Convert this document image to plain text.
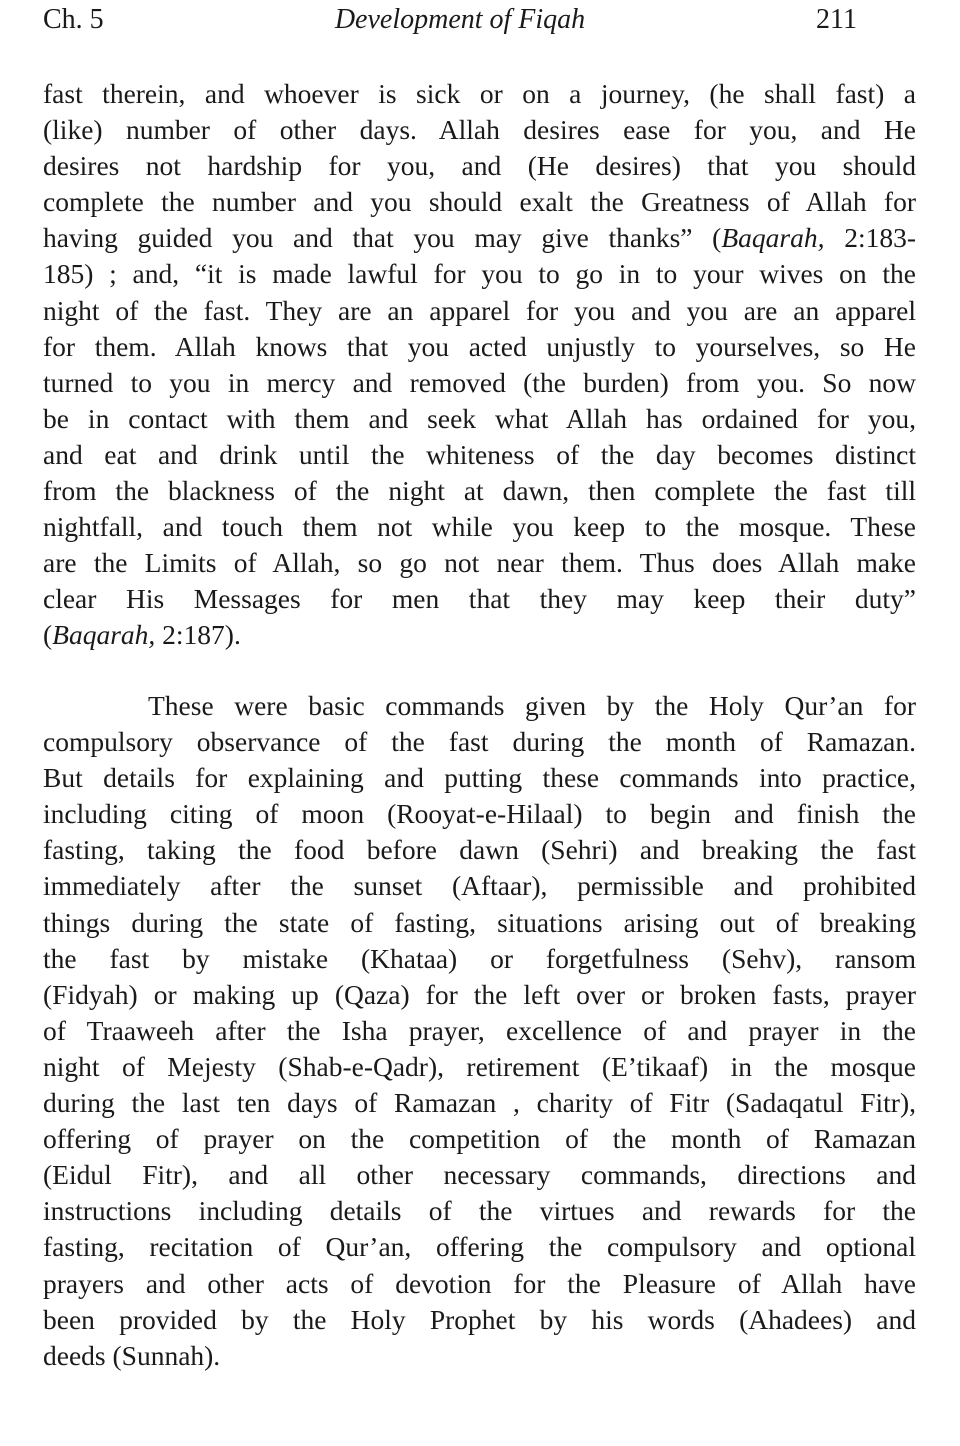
Ch. 5	Development of Fiqah	211
fast therein, and whoever is sick or on a journey, (he shall fast) a
(like) number of other days. Allah desires ease for you, and He
desires not hardship for you, and (He desires) that you should
complete the number and you should exalt the Greatness of Allah for
having guided you and that you may give thanks” (Baqarah, 2:183-
185) ; and, “it is made lawful for you to go in to your wives on the
night of the fast. They are an apparel for you and you are an apparel
for them. Allah knows that you acted unjustly to yourselves, so He
turned to you in mercy and removed (the burden) from you. So now
be in contact with them and seek what Allah has ordained for you,
and eat and drink until the whiteness of the day becomes distinct
from the blackness of the night at dawn, then complete the fast till
nightfall, and touch them not while you keep to the mosque. These
are the Limits of Allah, so go not near them. Thus does Allah make
clear His Messages for men that they may keep their duty”
(Baqarah, 2:187).
These were basic commands given by the Holy Qur’an for
compulsory observance of the fast during the month of Ramazan.
But details for explaining and putting these commands into practice,
including citing of moon (Rooyat-e-Hilaal) to begin and finish the
fasting, taking the food before dawn (Sehri) and breaking the fast
immediately after the sunset (Aftaar), permissible and prohibited
things during the state of fasting, situations arising out of breaking
the fast by mistake (Khataa) or forgetfulness (Sehv), ransom
(Fidyah) or making up (Qaza) for the left over or broken fasts, prayer
of Traaweeh after the Isha prayer, excellence of and prayer in the
night of Mejesty (Shab-e-Qadr), retirement (E’tikaaf) in the mosque
during the last ten days of Ramazan , charity of Fitr (Sadaqatul Fitr),
offering of prayer on the competition of the month of Ramazan
(Eidul Fitr), and all other necessary commands, directions and
instructions including details of the virtues and rewards for the
fasting, recitation of Qur’an, offering the compulsory and optional
prayers and other acts of devotion for the Pleasure of Allah have
been provided by the Holy Prophet by his words (Ahadees) and
deeds (Sunnah).
